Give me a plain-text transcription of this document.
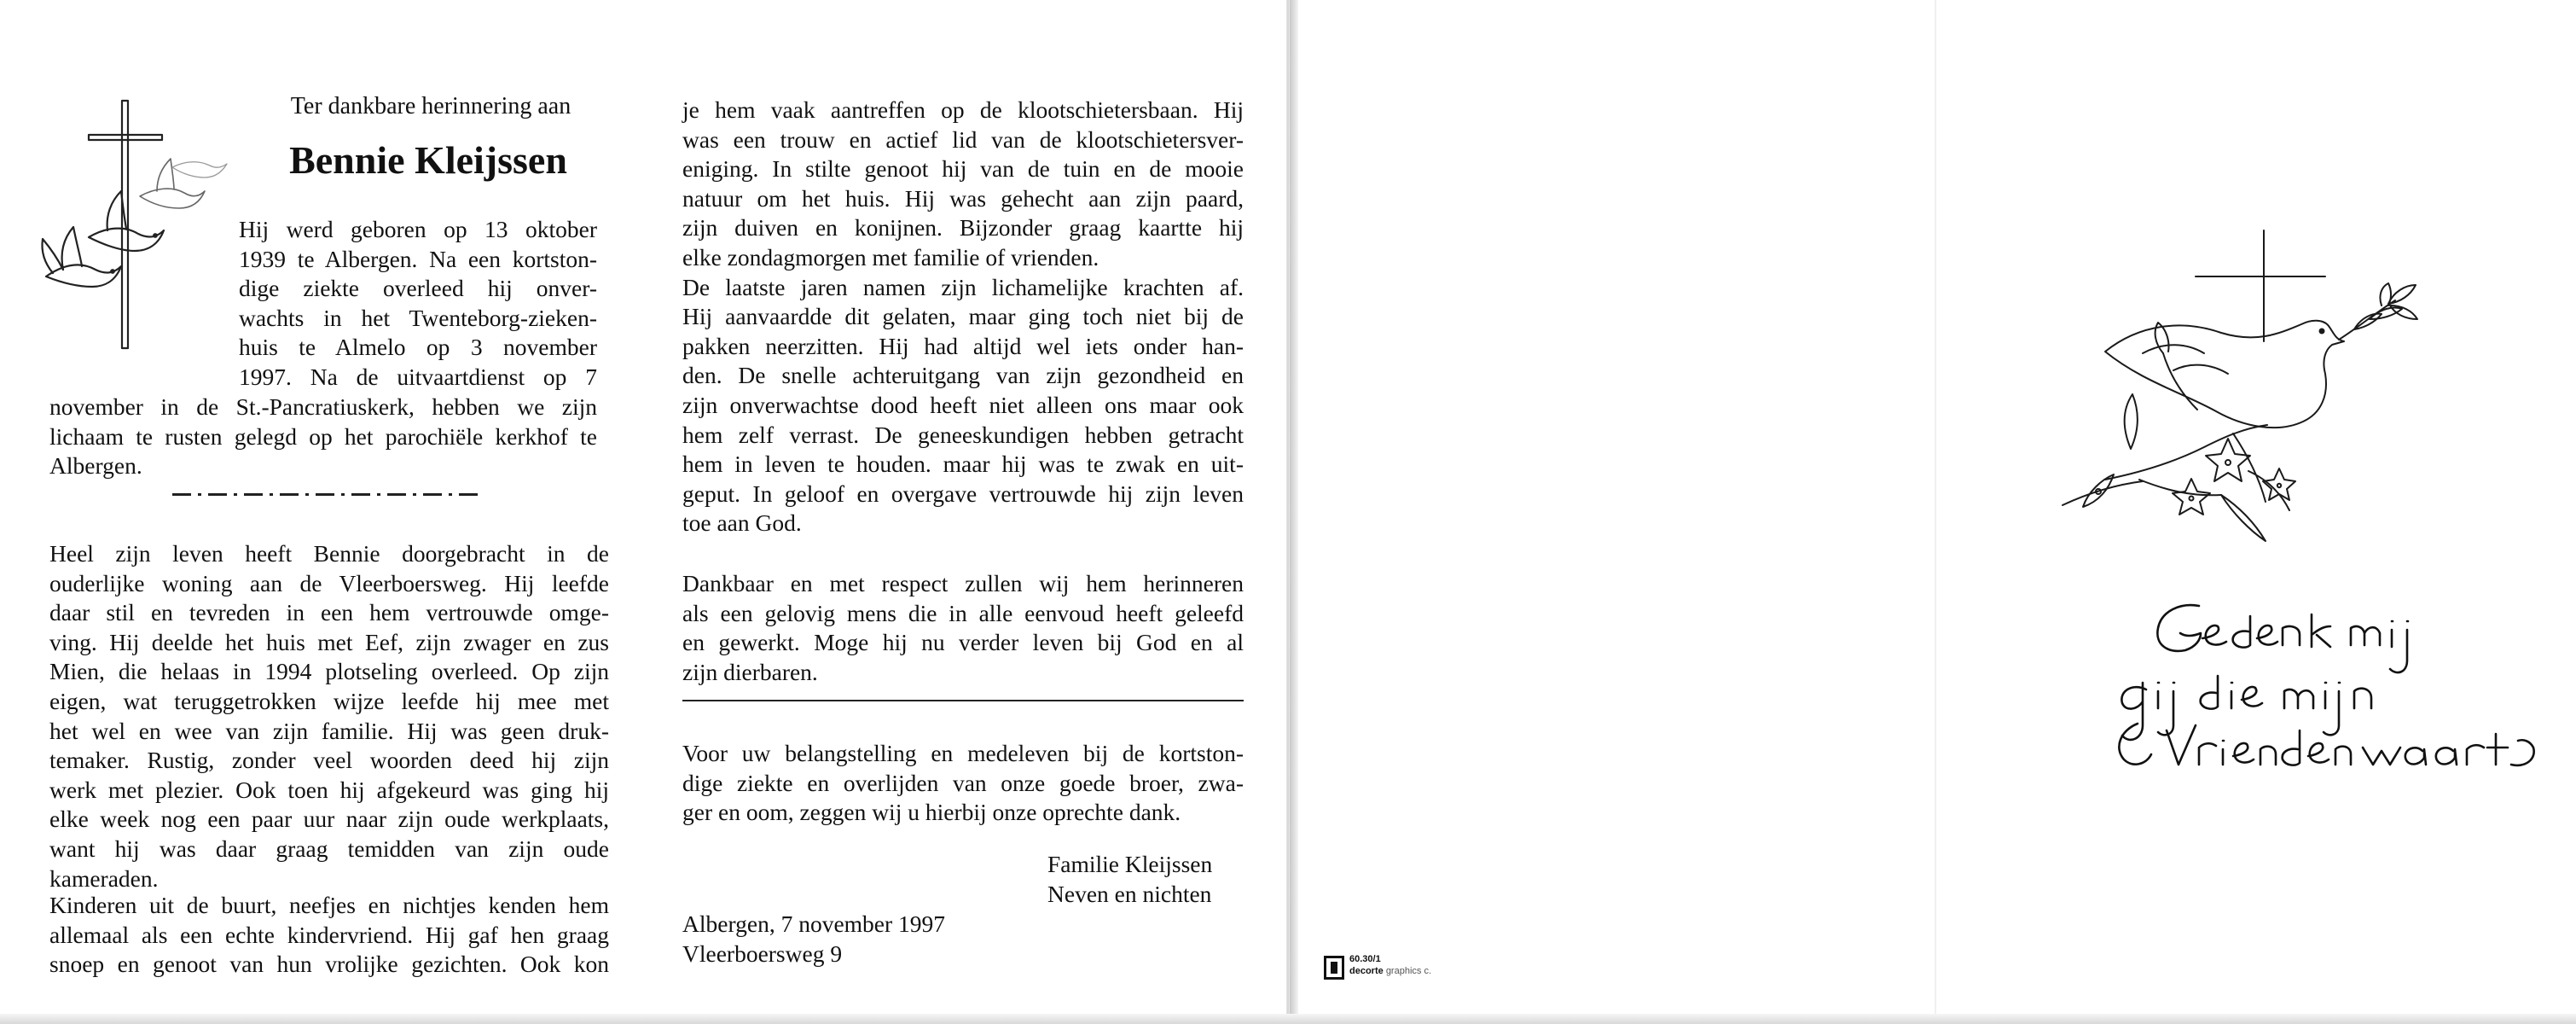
Ter dankbare herinnering aan
Bennie Kleijssen
Hij werd geboren op 13 oktober
1939 te Albergen. Na een kortston-
dige ziekte overleed hij onver-
wachts in het Twenteborg-zieken-
huis te Almelo op 3 november
1997. Na de uitvaartdienst op 7
november in de St.-Pancratiuskerk, hebben we zijn
lichaam te rusten gelegd op het parochiële kerkhof te
Albergen.
Heel zijn leven heeft Bennie doorgebracht in de
ouderlijke woning aan de Vleerboersweg. Hij leefde
daar stil en tevreden in een hem vertrouwde omge-
ving. Hij deelde het huis met Eef, zijn zwager en zus
Mien, die helaas in 1994 plotseling overleed. Op zijn
eigen, wat teruggetrokken wijze leefde hij mee met
het wel en wee van zijn familie. Hij was geen druk-
temaker. Rustig, zonder veel woorden deed hij zijn
werk met plezier. Ook toen hij afgekeurd was ging hij
elke week nog een paar uur naar zijn oude werkplaats,
want hij was daar graag temidden van zijn oude
kameraden.
Kinderen uit de buurt, neefjes en nichtjes kenden hem
allemaal als een echte kindervriend. Hij gaf hen graag
snoep en genoot van hun vrolijke gezichten. Ook kon
je hem vaak aantreffen op de klootschietersbaan. Hij
was een trouw en actief lid van de klootschietersver-
eniging. In stilte genoot hij van de tuin en de mooie
natuur om het huis. Hij was gehecht aan zijn paard,
zijn duiven en konijnen. Bijzonder graag kaartte hij
elke zondagmorgen met familie of vrienden.
De laatste jaren namen zijn lichamelijke krachten af.
Hij aanvaardde dit gelaten, maar ging toch niet bij de
pakken neerzitten. Hij had altijd wel iets onder han-
den. De snelle achteruitgang van zijn gezondheid en
zijn onverwachtse dood heeft niet alleen ons maar ook
hem zelf verrast. De geneeskundigen hebben getracht
hem in leven te houden. maar hij was te zwak en uit-
geput. In geloof en overgave vertrouwde hij zijn leven
toe aan God.
Dankbaar en met respect zullen wij hem herinneren
als een gelovig mens die in alle eenvoud heeft geleefd
en gewerkt. Moge hij nu verder leven bij God en al
zijn dierbaren.
Voor uw belangstelling en medeleven bij de kortston-
dige ziekte en overlijden van onze goede broer, zwa-
ger en oom, zeggen wij u hierbij onze oprechte dank.
Familie Kleijssen
Neven en nichten
Albergen, 7 november 1997
Vleerboersweg 9	60.30/1
decorte graphics c.
